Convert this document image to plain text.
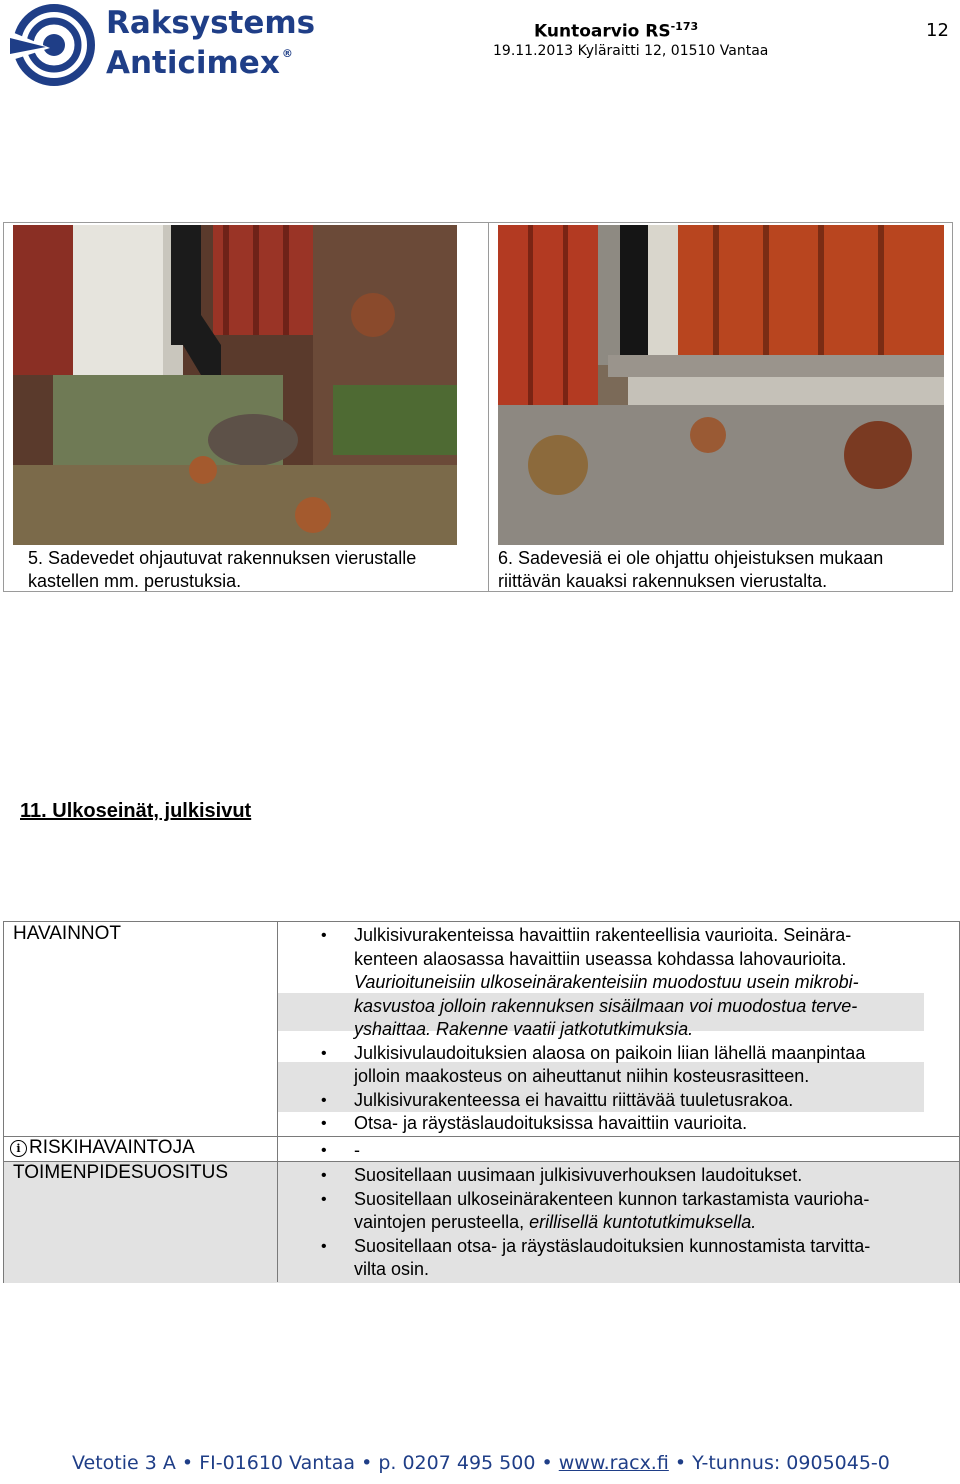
Raksystems
Anticimex ®
Kuntoarvio $RS^{-173}$
19.11.2013 Kyläraitti 12, 01510 Vantaa
12
5. Sadevedet ohjautuvat rakennuksen vierustalle
kastellen mm. perustuksia.
6. Sadevesiä ei ole ohjattu ohjeistuksen mukaan
riittävän kauaksi rakennuksen vierustalta.
11. Ulkoseinät, julkisivut
HAVAINNOT	• Julkisivurakenteissa havaittiin rakenteellisia vaurioita. Seinära-
kenteen alaosassa havaittiin useassa kohdassa lahovaurioita.
Vaurioituneisiin ulkoseinärakenteisiin muodostuu usein mikrobi-
kasvustoa jolloin rakennuksen sisäilmaan voi muodostua terve-
yshaittaa. Rakenne vaatii jatkotutkimuksia.
• Julkisivulaudoituksien alaosa on paikoin liian lähellä maanpintaa
jolloin maakosteus on aiheuttanut niihin kosteusrasitteen.
• Julkisivurakenteessa ei havaittu riittävää tuuletusrakoa.
• Otsa- ja räystäslaudoituksissa havaittiin vaurioita.
i RISKIHAVAINTOJA	• -
TOIMENPIDESUOSITUS	• Suositellaan uusimaan julkisivuverhouksen laudoitukset.
• Suositellaan ulkoseinärakenteen kunnon tarkastamista vaurioha-
vaintojen perusteella, erillisellä kuntotutkimuksella.
• Suositellaan otsa- ja räystäslaudoituksien kunnostamista tarvitta-
vilta osin.
Vetotie 3 A • FI-01610 Vantaa • p. 0207 495 500 • www.racx.fi • Y-tunnus: 0905045-0
